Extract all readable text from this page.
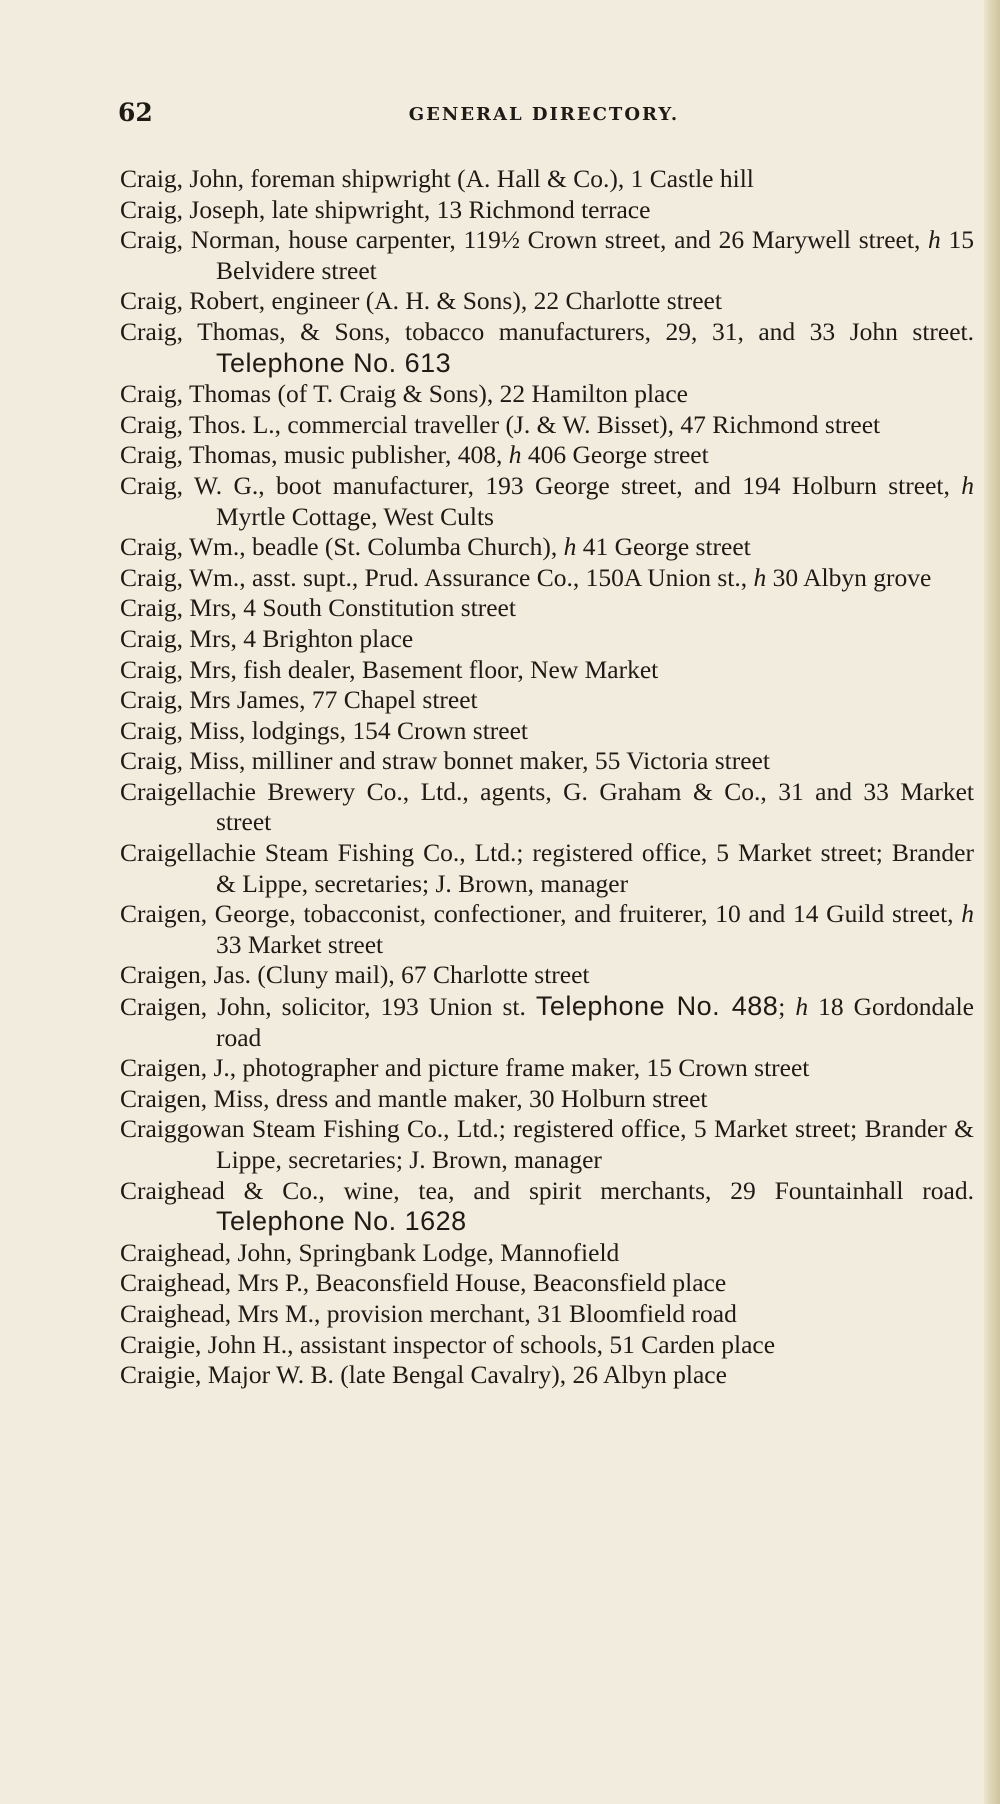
62	GENERAL DIRECTORY.
Craig, John, foreman shipwright (A. Hall & Co.), 1 Castle hill
Craig, Joseph, late shipwright, 13 Richmond terrace
Craig, Norman, house carpenter, 119½ Crown street, and 26 Marywell street, h 15 Belvidere street
Craig, Robert, engineer (A. H. & Sons), 22 Charlotte street
Craig, Thomas, & Sons, tobacco manufacturers, 29, 31, and 33 John street. Telephone No. 613
Craig, Thomas (of T. Craig & Sons), 22 Hamilton place
Craig, Thos. L., commercial traveller (J. & W. Bisset), 47 Richmond street
Craig, Thomas, music publisher, 408, h 406 George street
Craig, W. G., boot manufacturer, 193 George street, and 194 Holburn street, h Myrtle Cottage, West Cults
Craig, Wm., beadle (St. Columba Church), h 41 George street
Craig, Wm., asst. supt., Prud. Assurance Co., 150A Union st., h 30 Albyn grove
Craig, Mrs, 4 South Constitution street
Craig, Mrs, 4 Brighton place
Craig, Mrs, fish dealer, Basement floor, New Market
Craig, Mrs James, 77 Chapel street
Craig, Miss, lodgings, 154 Crown street
Craig, Miss, milliner and straw bonnet maker, 55 Victoria street
Craigellachie Brewery Co., Ltd., agents, G. Graham & Co., 31 and 33 Market street
Craigellachie Steam Fishing Co., Ltd.; registered office, 5 Market street; Brander & Lippe, secretaries; J. Brown, manager
Craigen, George, tobacconist, confectioner, and fruiterer, 10 and 14 Guild street, h 33 Market street
Craigen, Jas. (Cluny mail), 67 Charlotte street
Craigen, John, solicitor, 193 Union st. Telephone No. 488; h 18 Gordondale road
Craigen, J., photographer and picture frame maker, 15 Crown street
Craigen, Miss, dress and mantle maker, 30 Holburn street
Craiggowan Steam Fishing Co., Ltd.; registered office, 5 Market street; Brander & Lippe, secretaries; J. Brown, manager
Craighead & Co., wine, tea, and spirit merchants, 29 Fountainhall road. Telephone No. 1628
Craighead, John, Springbank Lodge, Mannofield
Craighead, Mrs P., Beaconsfield House, Beaconsfield place
Craighead, Mrs M., provision merchant, 31 Bloomfield road
Craigie, John H., assistant inspector of schools, 51 Carden place
Craigie, Major W. B. (late Bengal Cavalry), 26 Albyn place
